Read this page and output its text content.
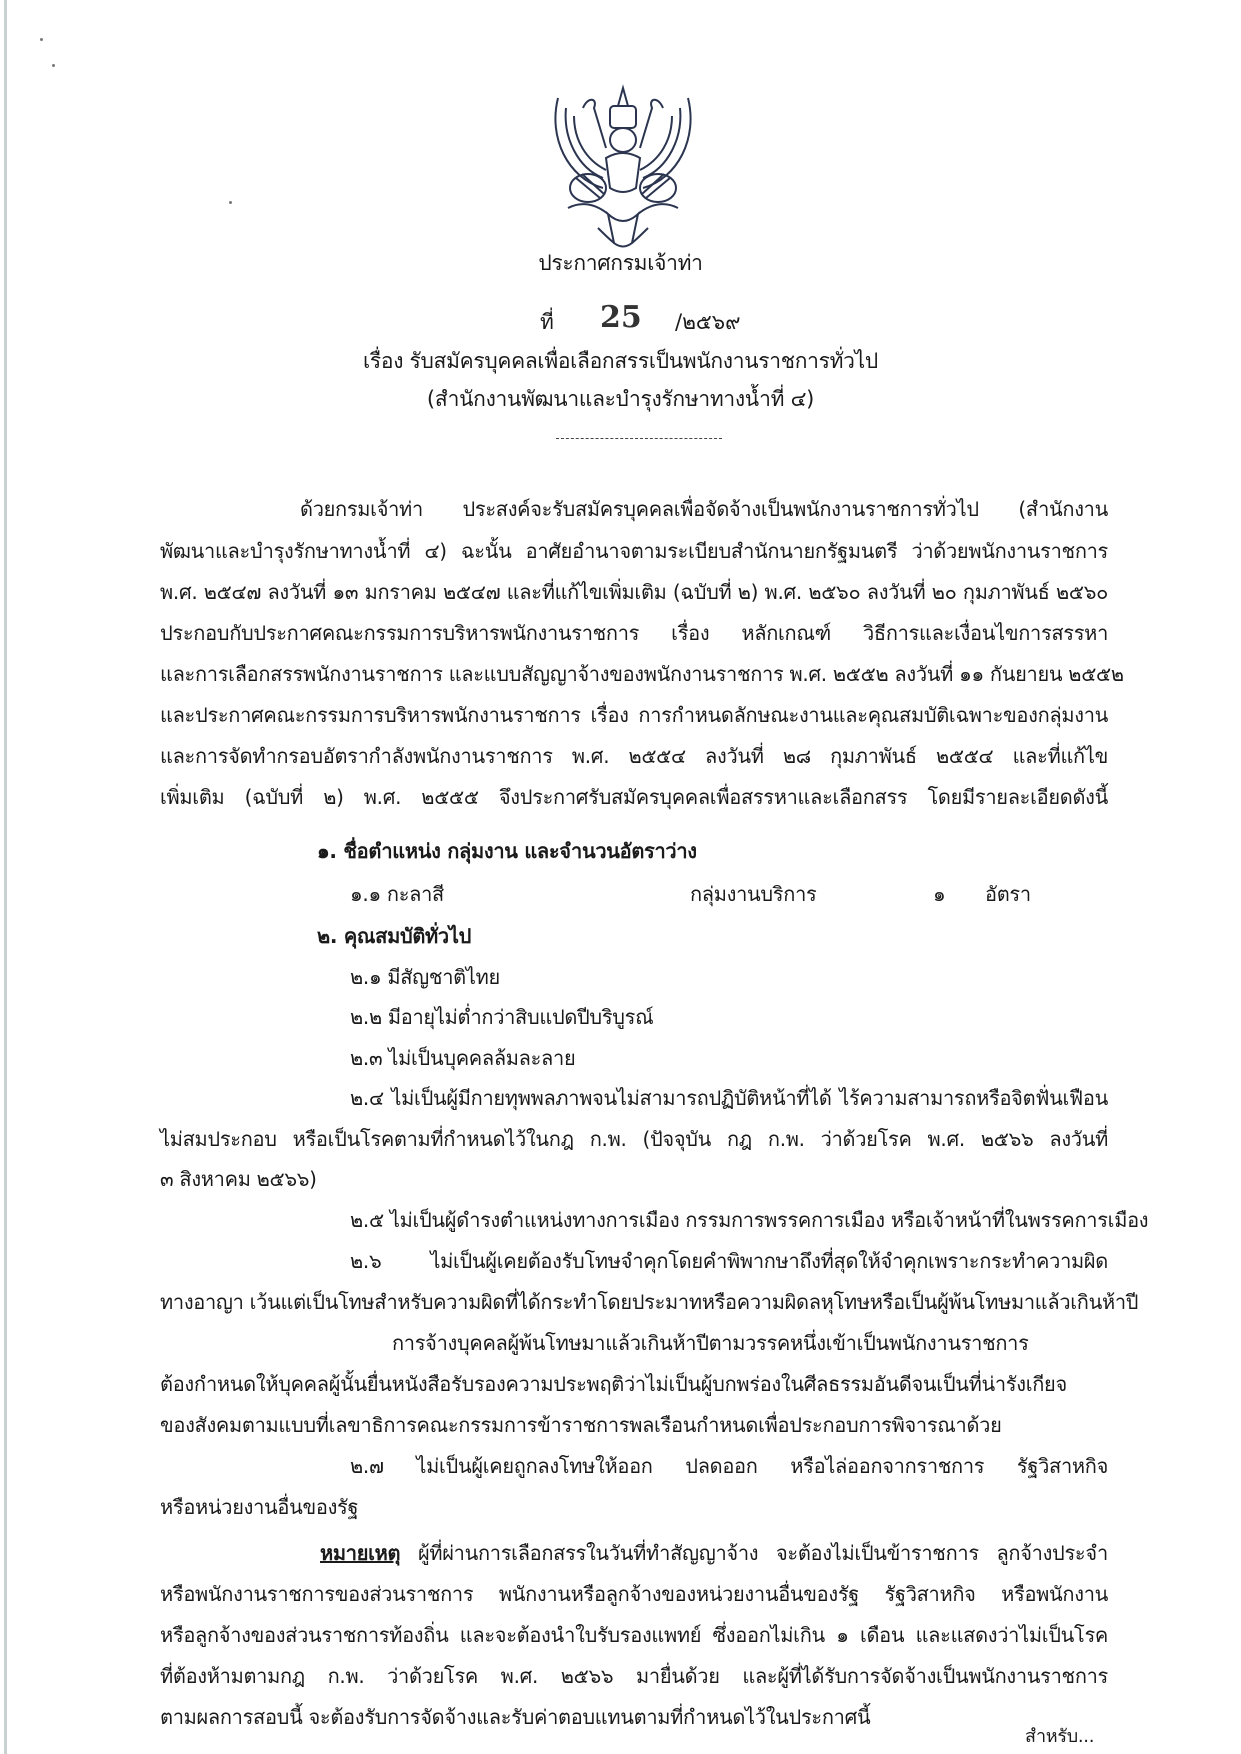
ประกาศกรมเจ้าท่า
ที่ 25 /๒๕๖๙
เรื่อง รับสมัครบุคคลเพื่อเลือกสรรเป็นพนักงานราชการทั่วไป
(สำนักงานพัฒนาและบำรุงรักษาทางน้ำที่ ๔)
ด้วยกรมเจ้าท่า ประสงค์จะรับสมัครบุคคลเพื่อจัดจ้างเป็นพนักงานราชการทั่วไป (สำนักงาน
พัฒนาและบำรุงรักษาทางน้ำที่ ๔) ฉะนั้น อาศัยอำนาจตามระเบียบสำนักนายกรัฐมนตรี ว่าด้วยพนักงานราชการ
พ.ศ. ๒๕๔๗ ลงวันที่ ๑๓ มกราคม ๒๕๔๗ และที่แก้ไขเพิ่มเติม (ฉบับที่ ๒) พ.ศ. ๒๕๖๐ ลงวันที่ ๒๐ กุมภาพันธ์ ๒๕๖๐
ประกอบกับประกาศคณะกรรมการบริหารพนักงานราชการ เรื่อง หลักเกณฑ์ วิธีการและเงื่อนไขการสรรหา
และการเลือกสรรพนักงานราชการ และแบบสัญญาจ้างของพนักงานราชการ พ.ศ. ๒๕๕๒ ลงวันที่ ๑๑ กันยายน ๒๕๕๒
และประกาศคณะกรรมการบริหารพนักงานราชการ เรื่อง การกำหนดลักษณะงานและคุณสมบัติเฉพาะของกลุ่มงาน
และการจัดทำกรอบอัตรากำลังพนักงานราชการ พ.ศ. ๒๕๕๔ ลงวันที่ ๒๘ กุมภาพันธ์ ๒๕๕๔ และที่แก้ไข
เพิ่มเติม (ฉบับที่ ๒) พ.ศ. ๒๕๕๕ จึงประกาศรับสมัครบุคคลเพื่อสรรหาและเลือกสรร โดยมีรายละเอียดดังนี้
๑. ชื่อตำแหน่ง กลุ่มงาน และจำนวนอัตราว่าง
๑.๑ กะลาสี	กลุ่มงานบริการ	๑ อัตรา
๒. คุณสมบัติทั่วไป
๒.๑ มีสัญชาติไทย
๒.๒ มีอายุไม่ต่ำกว่าสิบแปดปีบริบูรณ์
๒.๓ ไม่เป็นบุคคลล้มละลาย
๒.๔ ไม่เป็นผู้มีกายทุพพลภาพจนไม่สามารถปฏิบัติหน้าที่ได้ ไร้ความสามารถหรือจิตฟั่นเฟือน
ไม่สมประกอบ หรือเป็นโรคตามที่กำหนดไว้ในกฎ ก.พ. (ปัจจุบัน กฎ ก.พ. ว่าด้วยโรค พ.ศ. ๒๕๖๖ ลงวันที่
๓ สิงหาคม ๒๕๖๖)
๒.๕ ไม่เป็นผู้ดำรงตำแหน่งทางการเมือง กรรมการพรรคการเมือง หรือเจ้าหน้าที่ในพรรคการเมือง
๒.๖ ไม่เป็นผู้เคยต้องรับโทษจำคุกโดยคำพิพากษาถึงที่สุดให้จำคุกเพราะกระทำความผิด
ทางอาญา เว้นแต่เป็นโทษสำหรับความผิดที่ได้กระทำโดยประมาทหรือความผิดลหุโทษหรือเป็นผู้พ้นโทษมาแล้วเกินห้าปี
การจ้างบุคคลผู้พ้นโทษมาแล้วเกินห้าปีตามวรรคหนึ่งเข้าเป็นพนักงานราชการ
ต้องกำหนดให้บุคคลผู้นั้นยื่นหนังสือรับรองความประพฤติว่าไม่เป็นผู้บกพร่องในศีลธรรมอันดีจนเป็นที่น่ารังเกียจ
ของสังคมตามแบบที่เลขาธิการคณะกรรมการข้าราชการพลเรือนกำหนดเพื่อประกอบการพิจารณาด้วย
๒.๗ ไม่เป็นผู้เคยถูกลงโทษให้ออก ปลดออก หรือไล่ออกจากราชการ รัฐวิสาหกิจ
หรือหน่วยงานอื่นของรัฐ
หมายเหตุ ผู้ที่ผ่านการเลือกสรรในวันที่ทำสัญญาจ้าง จะต้องไม่เป็นข้าราชการ ลูกจ้างประจำ
หรือพนักงานราชการของส่วนราชการ พนักงานหรือลูกจ้างของหน่วยงานอื่นของรัฐ รัฐวิสาหกิจ หรือพนักงาน
หรือลูกจ้างของส่วนราชการท้องถิ่น และจะต้องนำใบรับรองแพทย์ ซึ่งออกไม่เกิน ๑ เดือน และแสดงว่าไม่เป็นโรค
ที่ต้องห้ามตามกฎ ก.พ. ว่าด้วยโรค พ.ศ. ๒๕๖๖ มายื่นด้วย และผู้ที่ได้รับการจัดจ้างเป็นพนักงานราชการ
ตามผลการสอบนี้ จะต้องรับการจัดจ้างและรับค่าตอบแทนตามที่กำหนดไว้ในประกาศนี้
สำหรับ...
